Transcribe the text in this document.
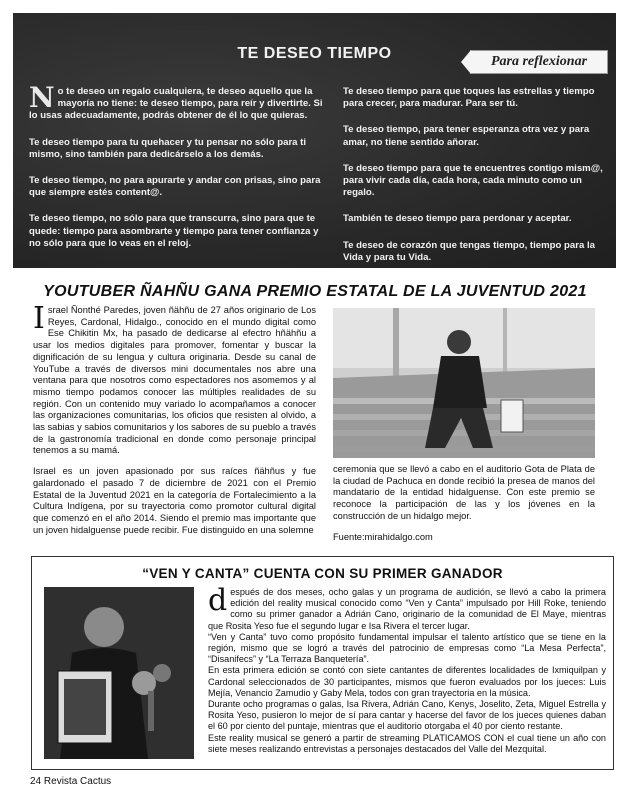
TE DESEO TIEMPO	Para reflexionar

No te deseo un regalo cualquiera, te deseo aquello que la mayoría no tiene: te deseo tiempo, para reír y divertirte. Si lo usas adecuadamente, podrás obtener de él lo que quieras.

Te deseo tiempo para tu quehacer y tu pensar no sólo para ti mismo, sino también para dedicárselo a los demás.

Te deseo tiempo, no para apurarte y andar con prisas, sino para que siempre estés content@.

Te deseo tiempo, no sólo para que transcurra, sino para que te quede: tiempo para asombrarte y tiempo para tener confianza y no sólo para que lo veas en el reloj.

Te deseo tiempo para que toques las estrellas y tiempo para crecer, para madurar. Para ser tú.

Te deseo tiempo, para tener esperanza otra vez y para amar, no tiene sentido añorar.

Te deseo tiempo para que te encuentres contigo mism@, para vivir cada día, cada hora, cada minuto como un regalo.

También te deseo tiempo para perdonar y aceptar.

Te deseo de corazón que tengas tiempo, tiempo para la Vida y para tu Vida.

YOUTUBER ÑAHÑU GANA PREMIO ESTATAL DE LA JUVENTUD 2021

Israel Ñonthé Paredes, joven ñähñu de 27 años originario de Los Reyes, Cardonal, Hidalgo., conocido en el mundo digital como Ese Chikitin Mx, ha pasado de dedicarse al efectro hñähñu a usar los medios digitales para promover, fomentar y buscar la dignificación de su lengua y cultura originaria. Desde su canal de YouTube a través de diversos mini documentales nos abre una ventana para que nosotros como espectadores nos asomemos y al mismo tiempo podamos conocer las múltiples realidades de su región. Con un contenido muy variado lo acompañamos a conocer las organizaciones comunitarias, los oficios que resisten al olvido, a las sabias y sabios comunitarios y los sabores de su pueblo a través de la gastronomía tradicional en donde como personaje principal tenemos a su mamá.

Israel es un joven apasionado por sus raíces ñähñus y fue galardonado el pasado 7 de diciembre de 2021 con el Premio Estatal de la Juventud 2021 en la categoría de Fortalecimiento a la Cultura Indígena, por su trayectoria como promotor cultural digital que comenzó en el año 2014. Siendo el premio mas importante que un joven hidalguense puede recibir. Fue distinguido en una solemne

ceremonia que se llevó a cabo en el auditorio Gota de Plata de la ciudad de Pachuca en donde recibió la presea de manos del mandatario de la entidad hidalguense. Con este premio se reconoce la participación de las y los jóvenes en la construcción de un hidalgo mejor.

Fuente:mirahidalgo.com

“VEN Y CANTA” CUENTA CON SU PRIMER GANADOR

después de dos meses, ocho galas y un programa de audición, se llevó a cabo la primera edición del reality musical conocido como “Ven y Canta” impulsado por Hill Roke, teniendo como su primer ganador a Adrián Cano, originario de la comunidad de El Maye, mientras que Rosita Yeso fue el segundo lugar e Isa Rivera el tercer lugar.

“Ven y Canta” tuvo como propósito fundamental impulsar el talento artístico que se tiene en la región, mismo que se logró a través del patrocinio de empresas como “La Mesa Perfecta”, “Disanifecs” y “La Terraza Banquetería”.

En esta primera edición se contó con siete cantantes de diferentes localidades de Ixmiquilpan y Cardonal seleccionados de 30 participantes, mismos que fueron evaluados por los jueces: Luis Mejía, Venancio Zamudio y Gaby Mela, todos con gran trayectoria en la música.

Durante ocho programas o galas, Isa Rivera, Adrián Cano, Kenys, Joselito, Zeta, Miguel Estrella y Rosita Yeso, pusieron lo mejor de sí para cantar y hacerse del favor de los jueces quienes daban el 60 por ciento del puntaje, mientras que el auditorio otorgaba el 40 por ciento restante.

Este reality musical se generó a partir de streaming PLATICAMOS CON el cual tiene un año con siete meses realizando entrevistas a personajes destacados del Valle del Mezquital.

24 Revista Cactus
